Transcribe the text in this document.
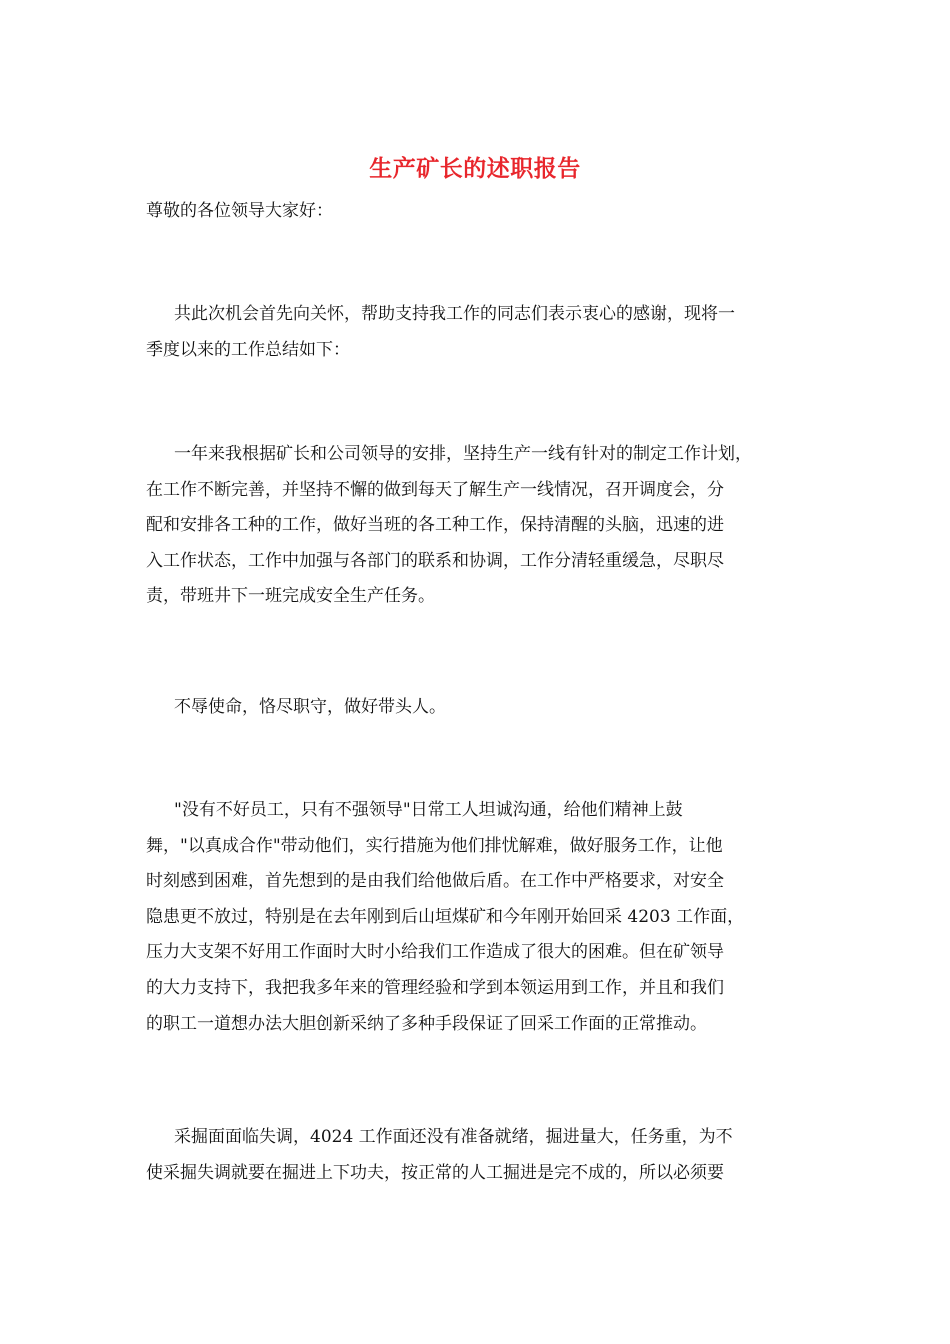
生产矿长的述职报告
尊敬的各位领导大家好：
共此次机会首先向关怀，帮助支持我工作的同志们表示衷心的感谢，现将一
季度以来的工作总结如下：
一年来我根据矿长和公司领导的安排，坚持生产一线有针对的制定工作计划，
在工作不断完善，并坚持不懈的做到每天了解生产一线情况，召开调度会，分
配和安排各工种的工作，做好当班的各工种工作，保持清醒的头脑，迅速的进
入工作状态，工作中加强与各部门的联系和协调，工作分清轻重缓急，尽职尽
责，带班井下一班完成安全生产任务。
不辱使命，恪尽职守，做好带头人。
"没有不好员工，只有不强领导"日常工人坦诚沟通，给他们精神上鼓
舞，"以真成合作"带动他们，实行措施为他们排忧解难，做好服务工作，让他
时刻感到困难，首先想到的是由我们给他做后盾。在工作中严格要求，对安全
隐患更不放过，特别是在去年刚到后山垣煤矿和今年刚开始回采 4203 工作面，
压力大支架不好用工作面时大时小给我们工作造成了很大的困难。但在矿领导
的大力支持下，我把我多年来的管理经验和学到本领运用到工作，并且和我们
的职工一道想办法大胆创新采纳了多种手段保证了回采工作面的正常推动。
采掘面面临失调，4024 工作面还没有准备就绪，掘进量大，任务重，为不
使采掘失调就要在掘进上下功夫，按正常的人工掘进是完不成的，所以必须要
